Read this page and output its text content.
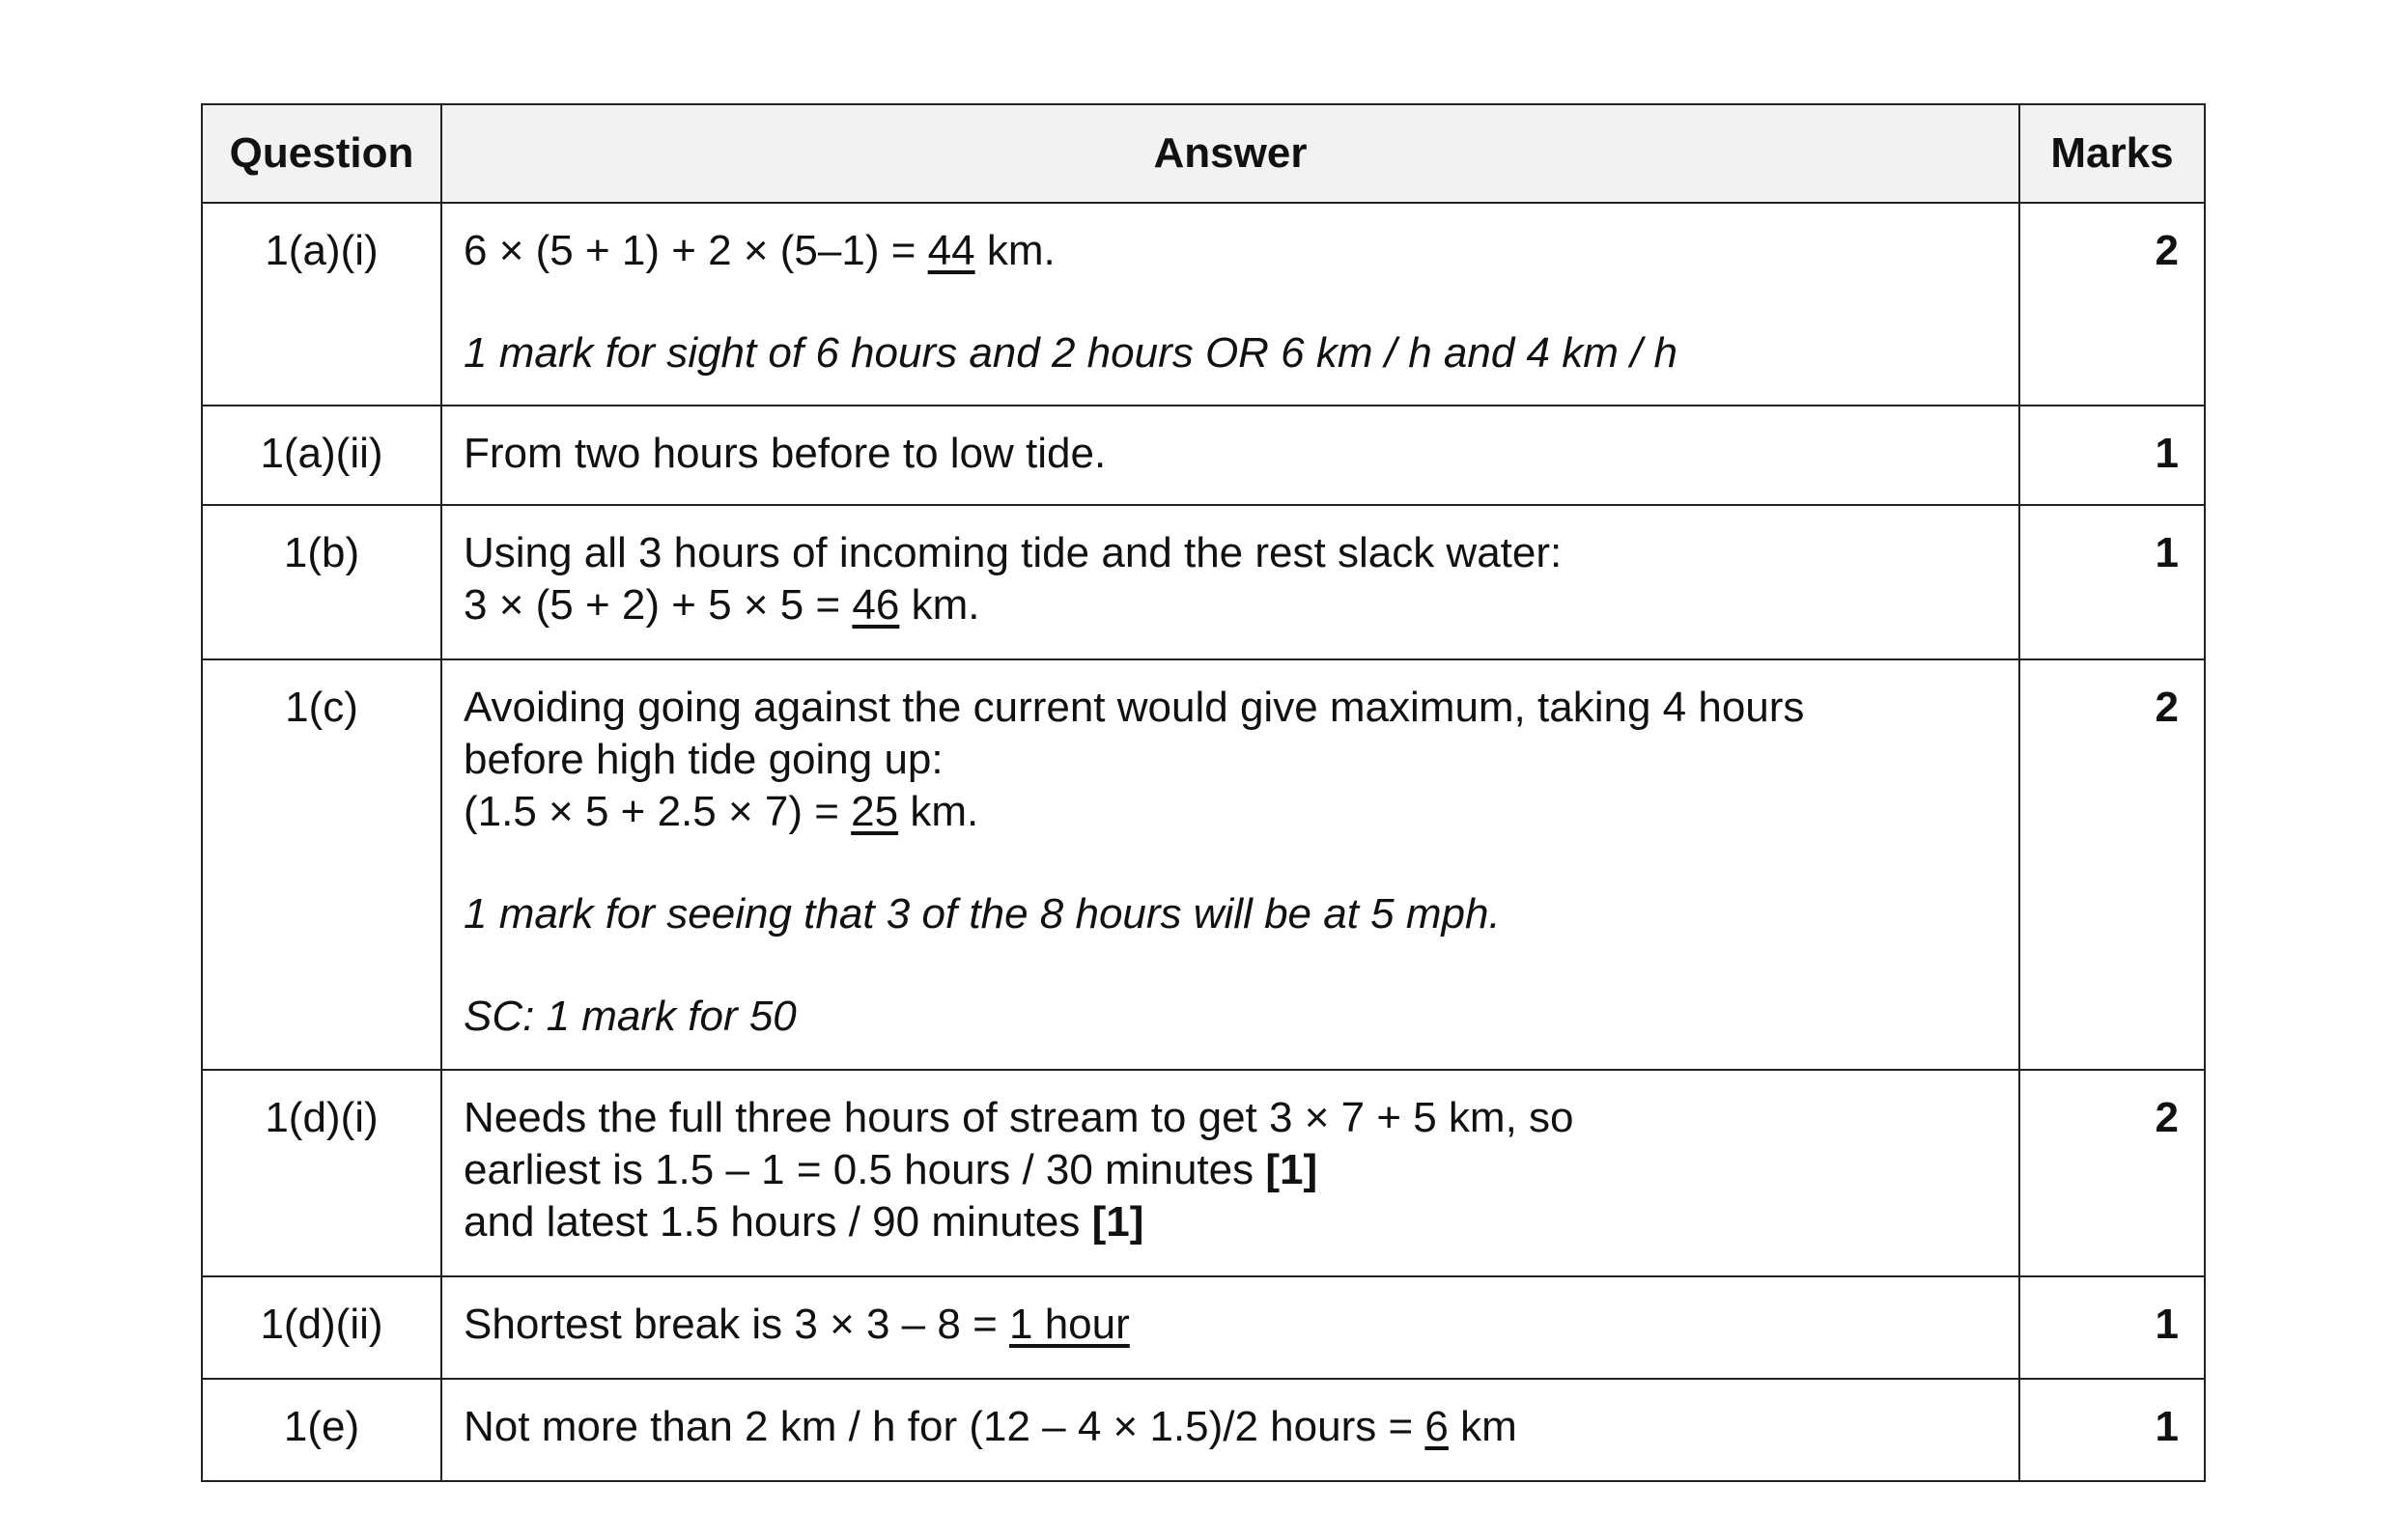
Question	Answer	Marks
1(a)(i)	6 × (5 + 1) + 2 × (5–1) = 44 km.
1 mark for sight of 6 hours and 2 hours OR 6 km / h and 4 km / h	2
1(a)(ii)	From two hours before to low tide.	1
1(b)	Using all 3 hours of incoming tide and the rest slack water:
3 × (5 + 2) + 5 × 5 = 46 km.	1
1(c)	Avoiding going against the current would give maximum, taking 4 hours
before high tide going up:
(1.5 × 5 + 2.5 × 7) = 25 km.
1 mark for seeing that 3 of the 8 hours will be at 5 mph.
SC: 1 mark for 50	2
1(d)(i)	Needs the full three hours of stream to get 3 × 7 + 5 km, so
earliest is 1.5 – 1 = 0.5 hours / 30 minutes [1]
and latest 1.5 hours / 90 minutes [1]	2
1(d)(ii)	Shortest break is 3 × 3 – 8 = 1 hour	1
1(e)	Not more than 2 km / h for (12 – 4 × 1.5)/2 hours = 6 km	1
